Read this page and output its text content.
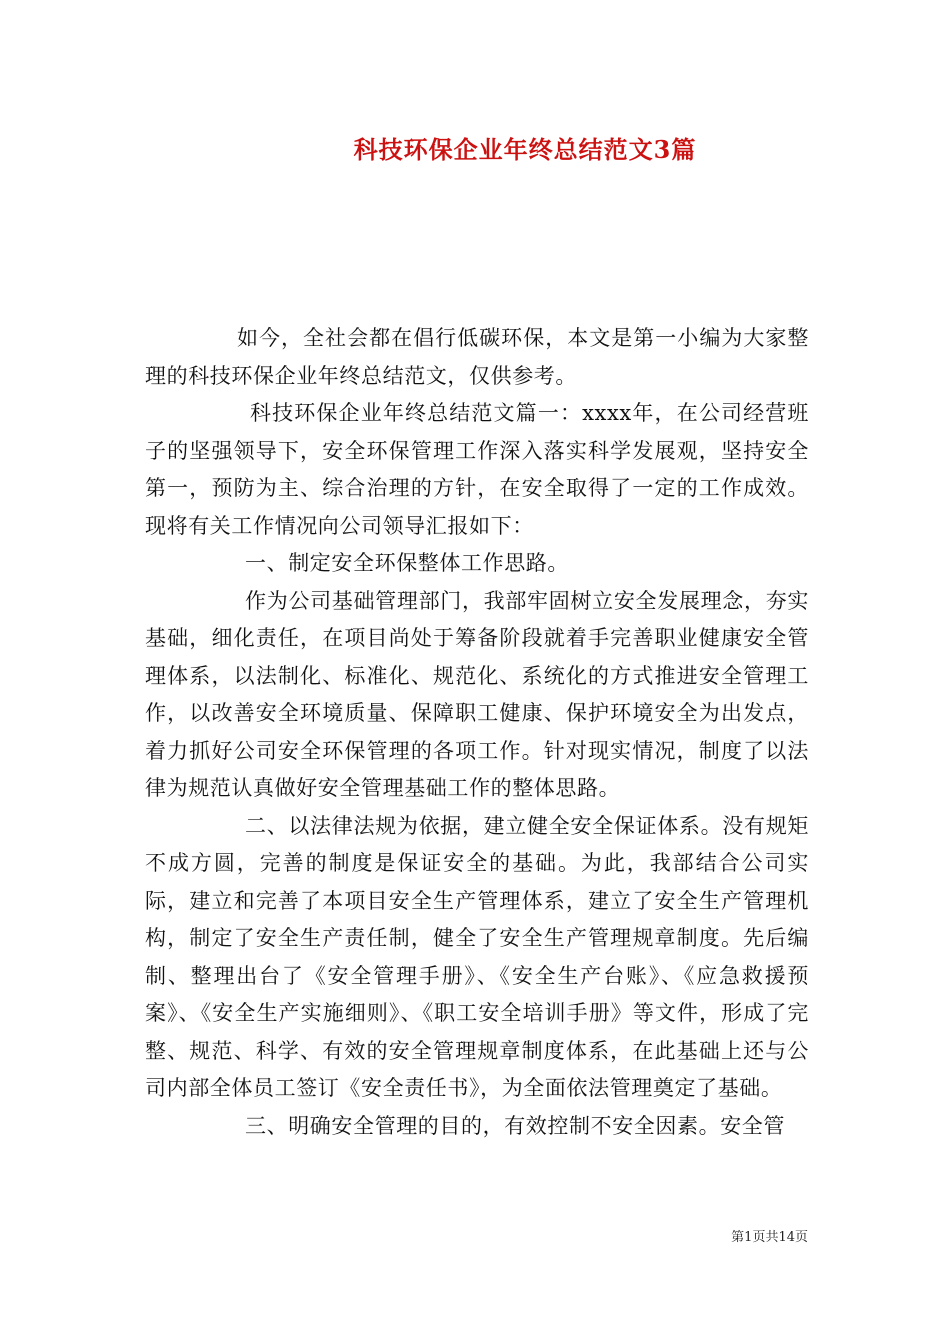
科技环保企业年终总结范文3篇

如今，全社会都在倡行低碳环保，本文是第一小编为大家整理的科技环保企业年终总结范文，仅供参考。

科技环保企业年终总结范文篇一：xxxx年，在公司经营班子的坚强领导下，安全环保管理工作深入落实科学发展观，坚持安全第一，预防为主、综合治理的方针，在安全取得了一定的工作成效。现将有关工作情况向公司领导汇报如下：

一、制定安全环保整体工作思路。

作为公司基础管理部门，我部牢固树立安全发展理念，夯实基础，细化责任，在项目尚处于筹备阶段就着手完善职业健康安全管理体系，以法制化、标准化、规范化、系统化的方式推进安全管理工作，以改善安全环境质量、保障职工健康、保护环境安全为出发点，着力抓好公司安全环保管理的各项工作。针对现实情况，制度了以法律为规范认真做好安全管理基础工作的整体思路。

二、以法律法规为依据，建立健全安全保证体系。没有规矩不成方圆，完善的制度是保证安全的基础。为此，我部结合公司实际，建立和完善了本项目安全生产管理体系，建立了安全生产管理机构，制定了安全生产责任制，健全了安全生产管理规章制度。先后编制、整理出台了《安全管理手册》、《安全生产台账》、《应急救援预案》、《安全生产实施细则》、《职工安全培训手册》等文件，形成了完整、规范、科学、有效的安全管理规章制度体系，在此基础上还与公司内部全体员工签订《安全责任书》，为全面依法管理奠定了基础。

三、明确安全管理的目的，有效控制不安全因素。安全管

第1页共14页
